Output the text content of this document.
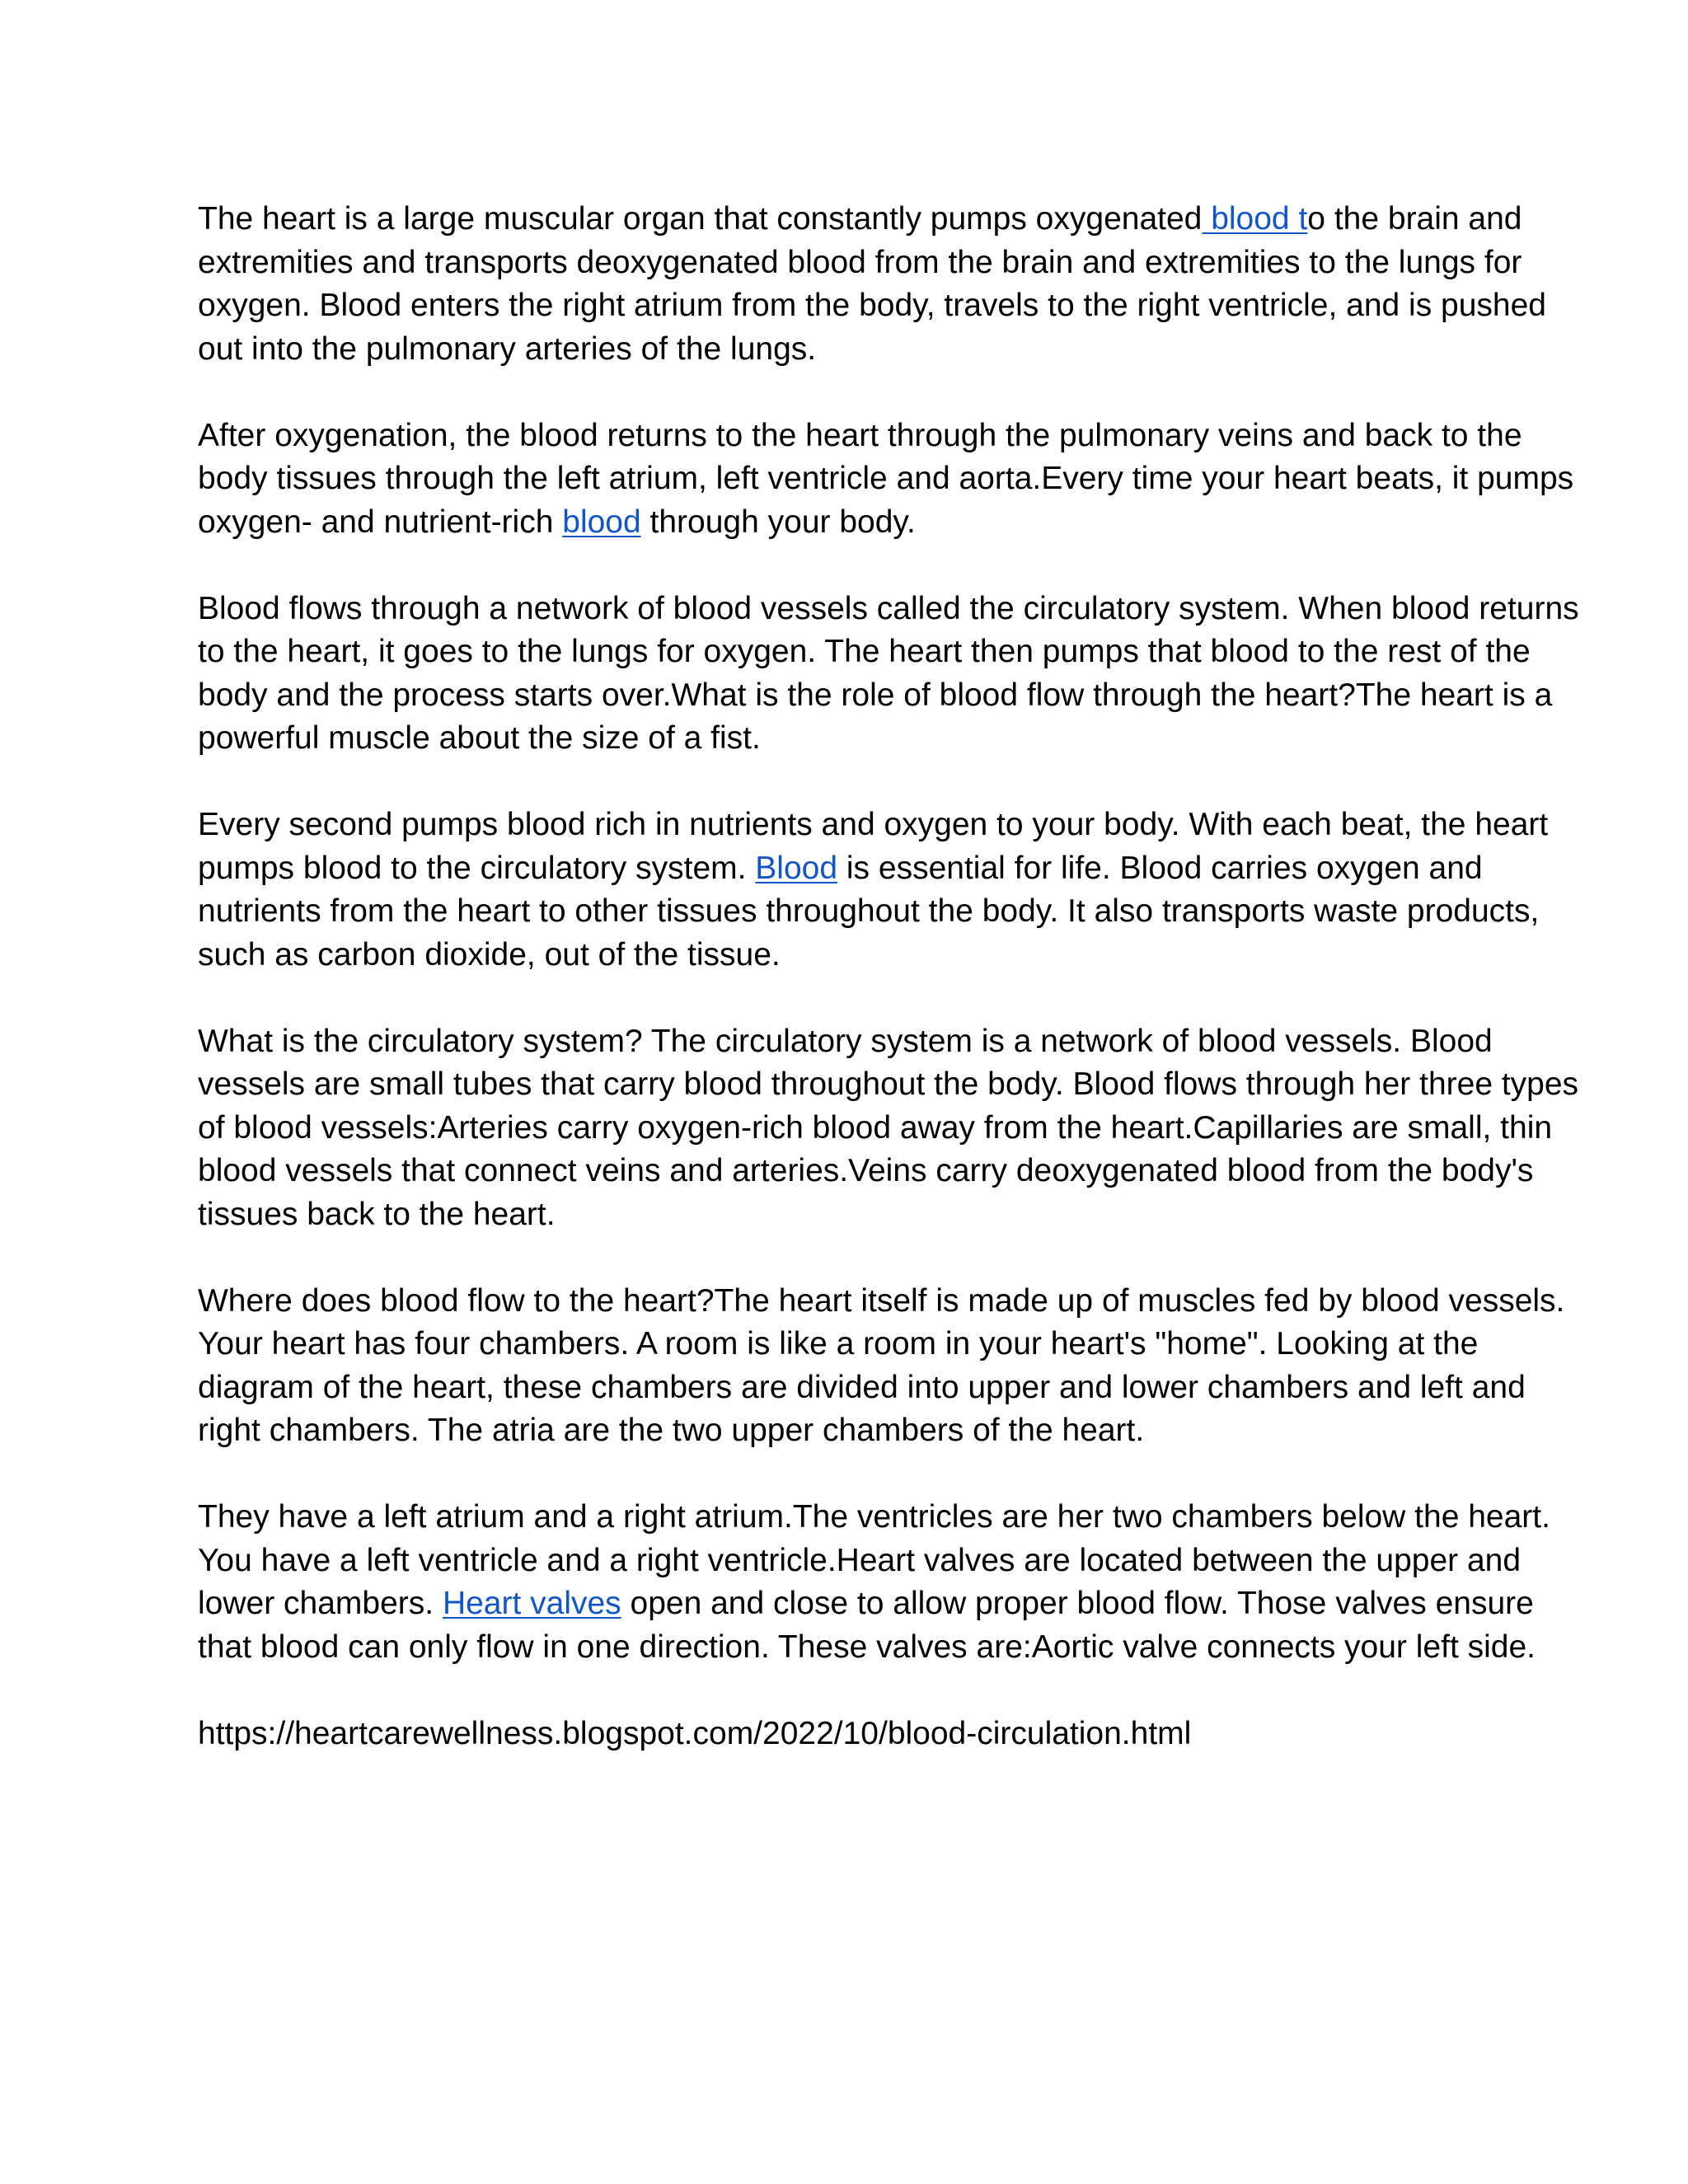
The heart is a large muscular organ that constantly pumps oxygenated blood to the brain and extremities and transports deoxygenated blood from the brain and extremities to the lungs for oxygen. Blood enters the right atrium from the body, travels to the right ventricle, and is pushed out into the pulmonary arteries of the lungs.

After oxygenation, the blood returns to the heart through the pulmonary veins and back to the body tissues through the left atrium, left ventricle and aorta.Every time your heart beats, it pumps oxygen- and nutrient-rich blood through your body.

Blood flows through a network of blood vessels called the circulatory system. When blood returns to the heart, it goes to the lungs for oxygen. The heart then pumps that blood to the rest of the body and the process starts over.What is the role of blood flow through the heart?The heart is a powerful muscle about the size of a fist.

Every second pumps blood rich in nutrients and oxygen to your body. With each beat, the heart pumps blood to the circulatory system. Blood is essential for life. Blood carries oxygen and nutrients from the heart to other tissues throughout the body. It also transports waste products, such as carbon dioxide, out of the tissue.

What is the circulatory system? The circulatory system is a network of blood vessels. Blood vessels are small tubes that carry blood throughout the body. Blood flows through her three types of blood vessels:Arteries carry oxygen-rich blood away from the heart.Capillaries are small, thin blood vessels that connect veins and arteries.Veins carry deoxygenated blood from the body's tissues back to the heart.

Where does blood flow to the heart?The heart itself is made up of muscles fed by blood vessels. Your heart has four chambers. A room is like a room in your heart's "home". Looking at the diagram of the heart, these chambers are divided into upper and lower chambers and left and right chambers. The atria are the two upper chambers of the heart.

They have a left atrium and a right atrium.The ventricles are her two chambers below the heart. You have a left ventricle and a right ventricle.Heart valves are located between the upper and lower chambers. Heart valves open and close to allow proper blood flow. Those valves ensure that blood can only flow in one direction. These valves are:Aortic valve connects your left side.

https://heartcarewellness.blogspot.com/2022/10/blood-circulation.html
